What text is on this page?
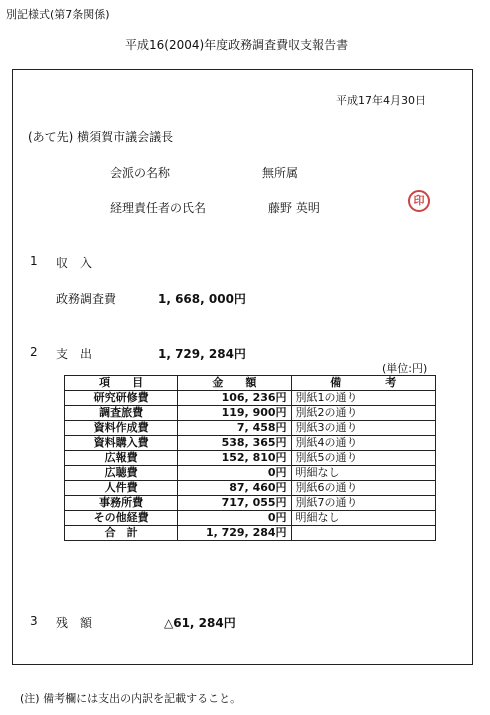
別記様式(第7条関係)
平成16(2004)年度政務調査費収支報告書
平成17年4月30日
(あて先) 横須賀市議会議長
会派の名称	無所属
経理責任者の氏名	藤野 英明
印
1 収　入
政務調査費	1, 668, 000円
2 支　出	1, 729, 284円
(単位:円)
項　　目	金　　額	備　　　　考
研究研修費	106, 236円	別紙1の通り
調査旅費	119, 900円	別紙2の通り
資料作成費	7, 458円	別紙3の通り
資料購入費	538, 365円	別紙4の通り
広報費	152, 810円	別紙5の通り
広聴費	0円	明細なし
人件費	87, 460円	別紙6の通り
事務所費	717, 055円	別紙7の通り
その他経費	0円	明細なし
合　計	1, 729, 284円	
3 残　額	△61, 284円
(注) 備考欄には支出の内訳を記載すること。
